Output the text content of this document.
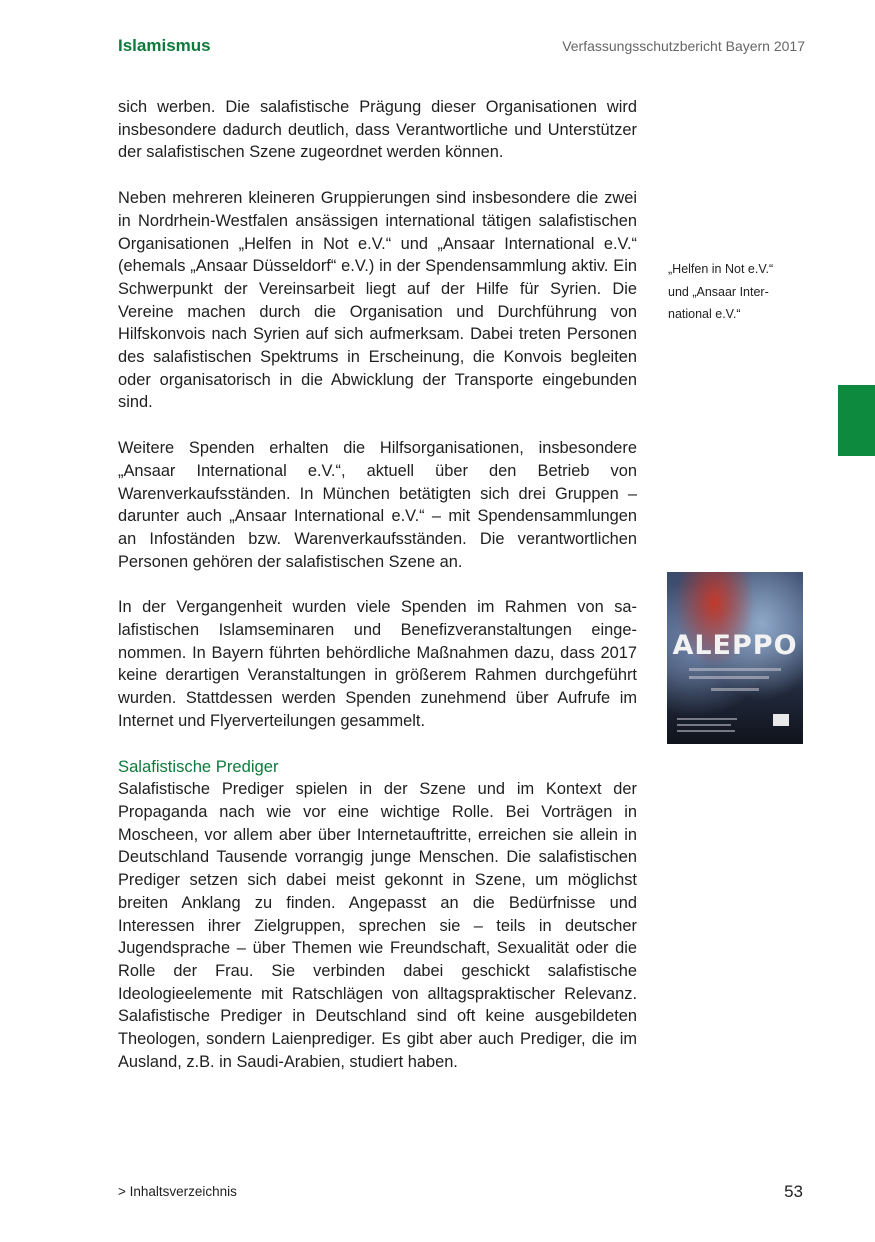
Islamismus	Verfassungsschutzbericht Bayern 2017

sich werben. Die salafistische Prägung dieser Organisationen wird insbesondere dadurch deutlich, dass Verantwortliche und Unterstützer der salafistischen Szene zugeordnet werden können.

Neben mehreren kleineren Gruppierungen sind insbesondere die zwei in Nordrhein-Westfalen ansässigen international tätigen salafistischen Organisationen „Helfen in Not e.V.“ und „Ansaar International e.V.“ (ehemals „Ansaar Düsseldorf“ e.V.) in der Spendensammlung aktiv. Ein Schwerpunkt der Vereinsarbeit liegt auf der Hilfe für Syrien. Die Vereine machen durch die Organisation und Durchführung von Hilfskonvois nach Syrien auf sich aufmerksam. Dabei treten Personen des salafistischen Spektrums in Erscheinung, die Konvois begleiten oder organisatorisch in die Abwicklung der Transporte eingebunden sind.

Weitere Spenden erhalten die Hilfsorganisationen, insbesondere „Ansaar International e.V.“, aktuell über den Betrieb von Warenverkaufsständen. In München betätigten sich drei Gruppen – darunter auch „Ansaar International e.V.“ – mit Spendensammlungen an Infoständen bzw. Warenverkaufsständen. Die verantwortlichen Personen gehören der salafistischen Szene an.

In der Vergangenheit wurden viele Spenden im Rahmen von salafistischen Islamseminaren und Benefizveranstaltungen eingenommen. In Bayern führten behördliche Maßnahmen dazu, dass 2017 keine derartigen Veranstaltungen in größerem Rahmen durchgeführt wurden. Stattdessen werden Spenden zunehmend über Aufrufe im Internet und Flyerverteilungen gesammelt.

Salafistische Prediger

Salafistische Prediger spielen in der Szene und im Kontext der Propaganda nach wie vor eine wichtige Rolle. Bei Vorträgen in Moscheen, vor allem aber über Internetauftritte, erreichen sie allein in Deutschland Tausende vorrangig junge Menschen. Die salafistischen Prediger setzen sich dabei meist gekonnt in Szene, um möglichst breiten Anklang zu finden. Angepasst an die Bedürfnisse und Interessen ihrer Zielgruppen, sprechen sie – teils in deutscher Jugendsprache – über Themen wie Freundschaft, Sexualität oder die Rolle der Frau. Sie verbinden dabei geschickt salafistische Ideologieelemente mit Ratschlägen von alltagspraktischer Relevanz. Salafistische Prediger in Deutschland sind oft keine ausgebildeten Theologen, sondern Laienprediger. Es gibt aber auch Prediger, die im Ausland, z.B. in Saudi-Arabien, studiert haben.

„Helfen in Not e.V.“
und „Ansaar Inter-
national e.V.“
ALEPPO
> Inhaltsverzeichnis	53
